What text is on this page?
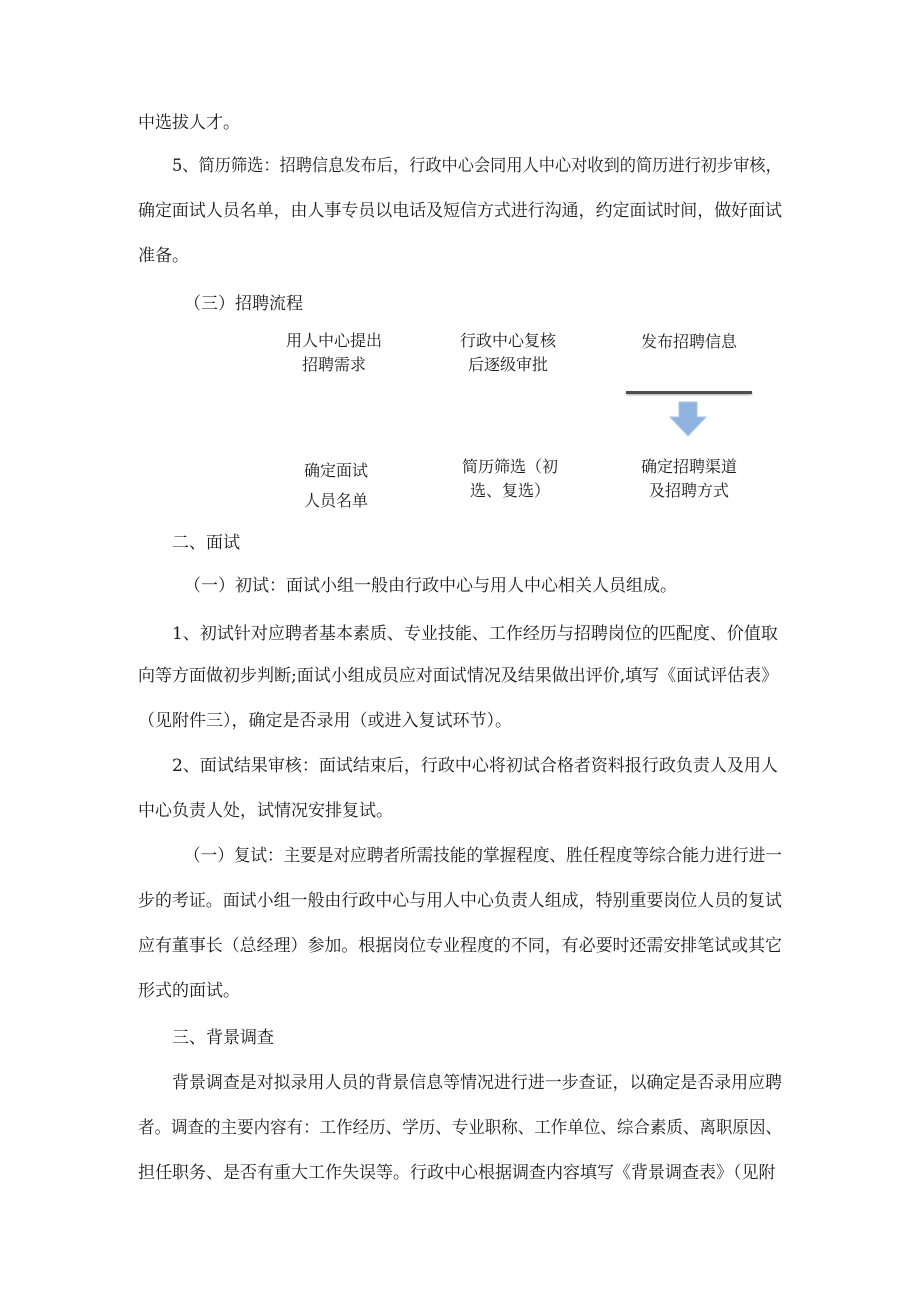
中选拔人才。
5、简历筛选：招聘信息发布后，行政中心会同用人中心对收到的简历进行初步审核，
确定面试人员名单，由人事专员以电话及短信方式进行沟通，约定面试时间，做好面试
准备。
（三）招聘流程
用人中心提出
招聘需求
行政中心复核
后逐级审批
发布招聘信息
确定招聘渠道
及招聘方式
简历筛选（初
选、复选）
确定面试
人员名单
二、面试
（一）初试：面试小组一般由行政中心与用人中心相关人员组成。
1、初试针对应聘者基本素质、专业技能、工作经历与招聘岗位的匹配度、价值取
向等方面做初步判断;面试小组成员应对面试情况及结果做出评价,填写《面试评估表》
（见附件三），确定是否录用（或进入复试环节）。
2、面试结果审核：面试结束后，行政中心将初试合格者资料报行政负责人及用人
中心负责人处，试情况安排复试。
（一）复试：主要是对应聘者所需技能的掌握程度、胜任程度等综合能力进行进一
步的考证。面试小组一般由行政中心与用人中心负责人组成，特别重要岗位人员的复试
应有董事长（总经理）参加。根据岗位专业程度的不同，有必要时还需安排笔试或其它
形式的面试。
三、背景调查
背景调查是对拟录用人员的背景信息等情况进行进一步查证，以确定是否录用应聘
者。调查的主要内容有：工作经历、学历、专业职称、工作单位、综合素质、离职原因、
担任职务、是否有重大工作失误等。行政中心根据调查内容填写《背景调查表》（见附
